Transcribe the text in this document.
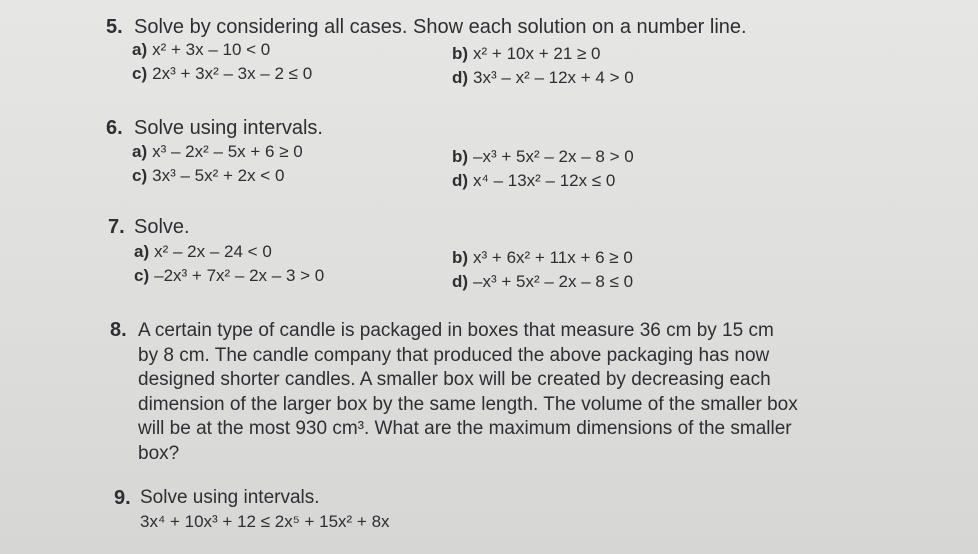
5. Solve by considering all cases. Show each solution on a number line.
a) x² + 3x – 10 < 0	b) x² + 10x + 21 ≥ 0
c) 2x³ + 3x² – 3x – 2 ≤ 0	d) 3x³ – x² – 12x + 4 > 0
6. Solve using intervals.
a) x³ – 2x² – 5x + 6 ≥ 0	b) –x³ + 5x² – 2x – 8 > 0
c) 3x³ – 5x² + 2x < 0	d) x⁴ – 13x² – 12x ≤ 0
7. Solve.
a) x² – 2x – 24 < 0	b) x³ + 6x² + 11x + 6 ≥ 0
c) –2x³ + 7x² – 2x – 3 > 0	d) –x³ + 5x² – 2x – 8 ≤ 0
8. A certain type of candle is packaged in boxes that measure 36 cm by 15 cm
by 8 cm. The candle company that produced the above packaging has now
designed shorter candles. A smaller box will be created by decreasing each
dimension of the larger box by the same length. The volume of the smaller box
will be at the most 930 cm³. What are the maximum dimensions of the smaller
box?
9. Solve using intervals.
3x⁴ + 10x³ + 12 ≤ 2x⁵ + 15x² + 8x
